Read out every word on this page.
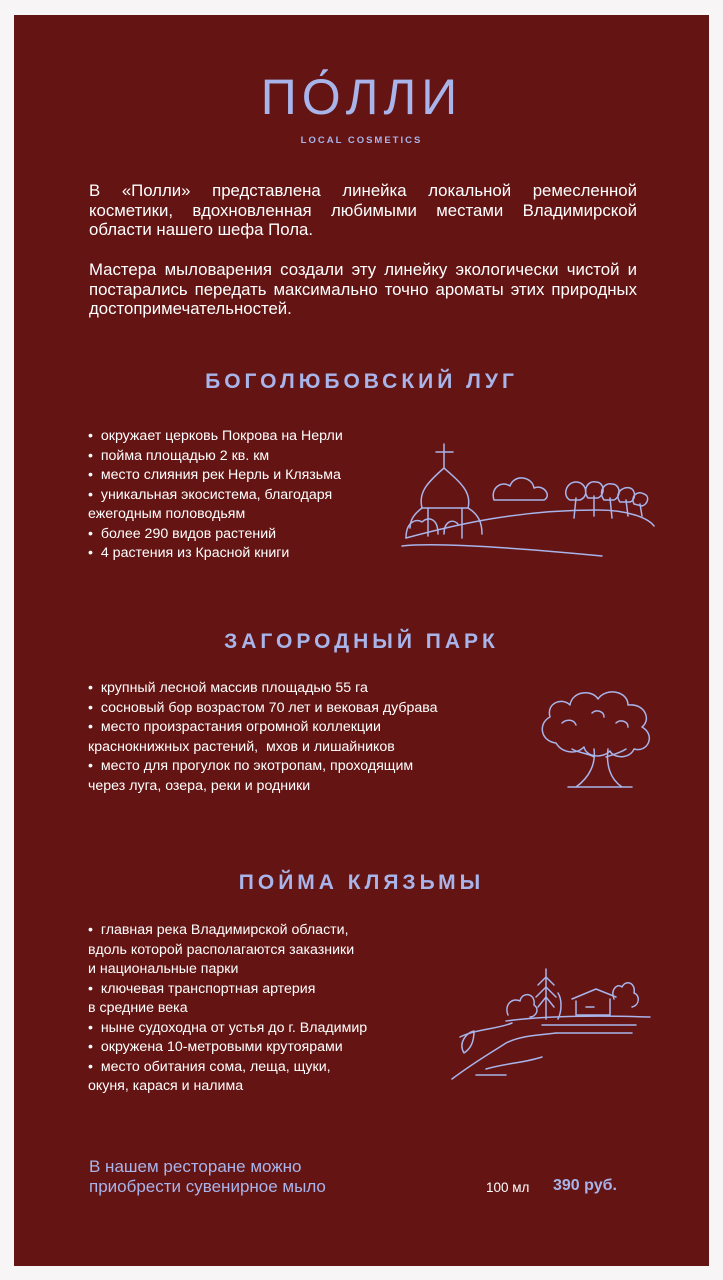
ПО́ЛЛИ
LOCAL COSMETICS

В «Полли» представлена линейка локальной ремесленной косметики, вдохновленная любимыми местами Владимирской области нашего шефа Пола.

Мастера мыловарения создали эту линейку экологически чистой и постарались передать максимально точно ароматы этих природных достопримечательностей.

БОГОЛЮБОВСКИЙ ЛУГ
•  окружает церковь Покрова на Нерли
•  пойма площадью 2 кв. км
•  место слияния рек Нерль и Клязьма
•  уникальная экосистема, благодаря
ежегодным половодьям
•  более 290 видов растений
•  4 растения из Красной книги
ЗАГОРОДНЫЙ ПАРК
•  крупный лесной массив площадью 55 га
•  сосновый бор возрастом 70 лет и вековая дубрава
•  место произрастания огромной коллекции
краснокнижных растений,  мхов и лишайников
•  место для прогулок по экотропам, проходящим
через луга, озера, реки и родники
ПОЙМА КЛЯЗЬМЫ
•  главная река Владимирской области,
вдоль которой располагаются заказники
и национальные парки
•  ключевая транспортная артерия
в средние века
•  ныне судоходна от устья до г. Владимир
•  окружена 10-метровыми крутоярами
•  место обитания сома, леща, щуки,
окуня, карася и налима

В нашем ресторане можно
приобрести сувенирное мыло	100 мл 390 руб.
